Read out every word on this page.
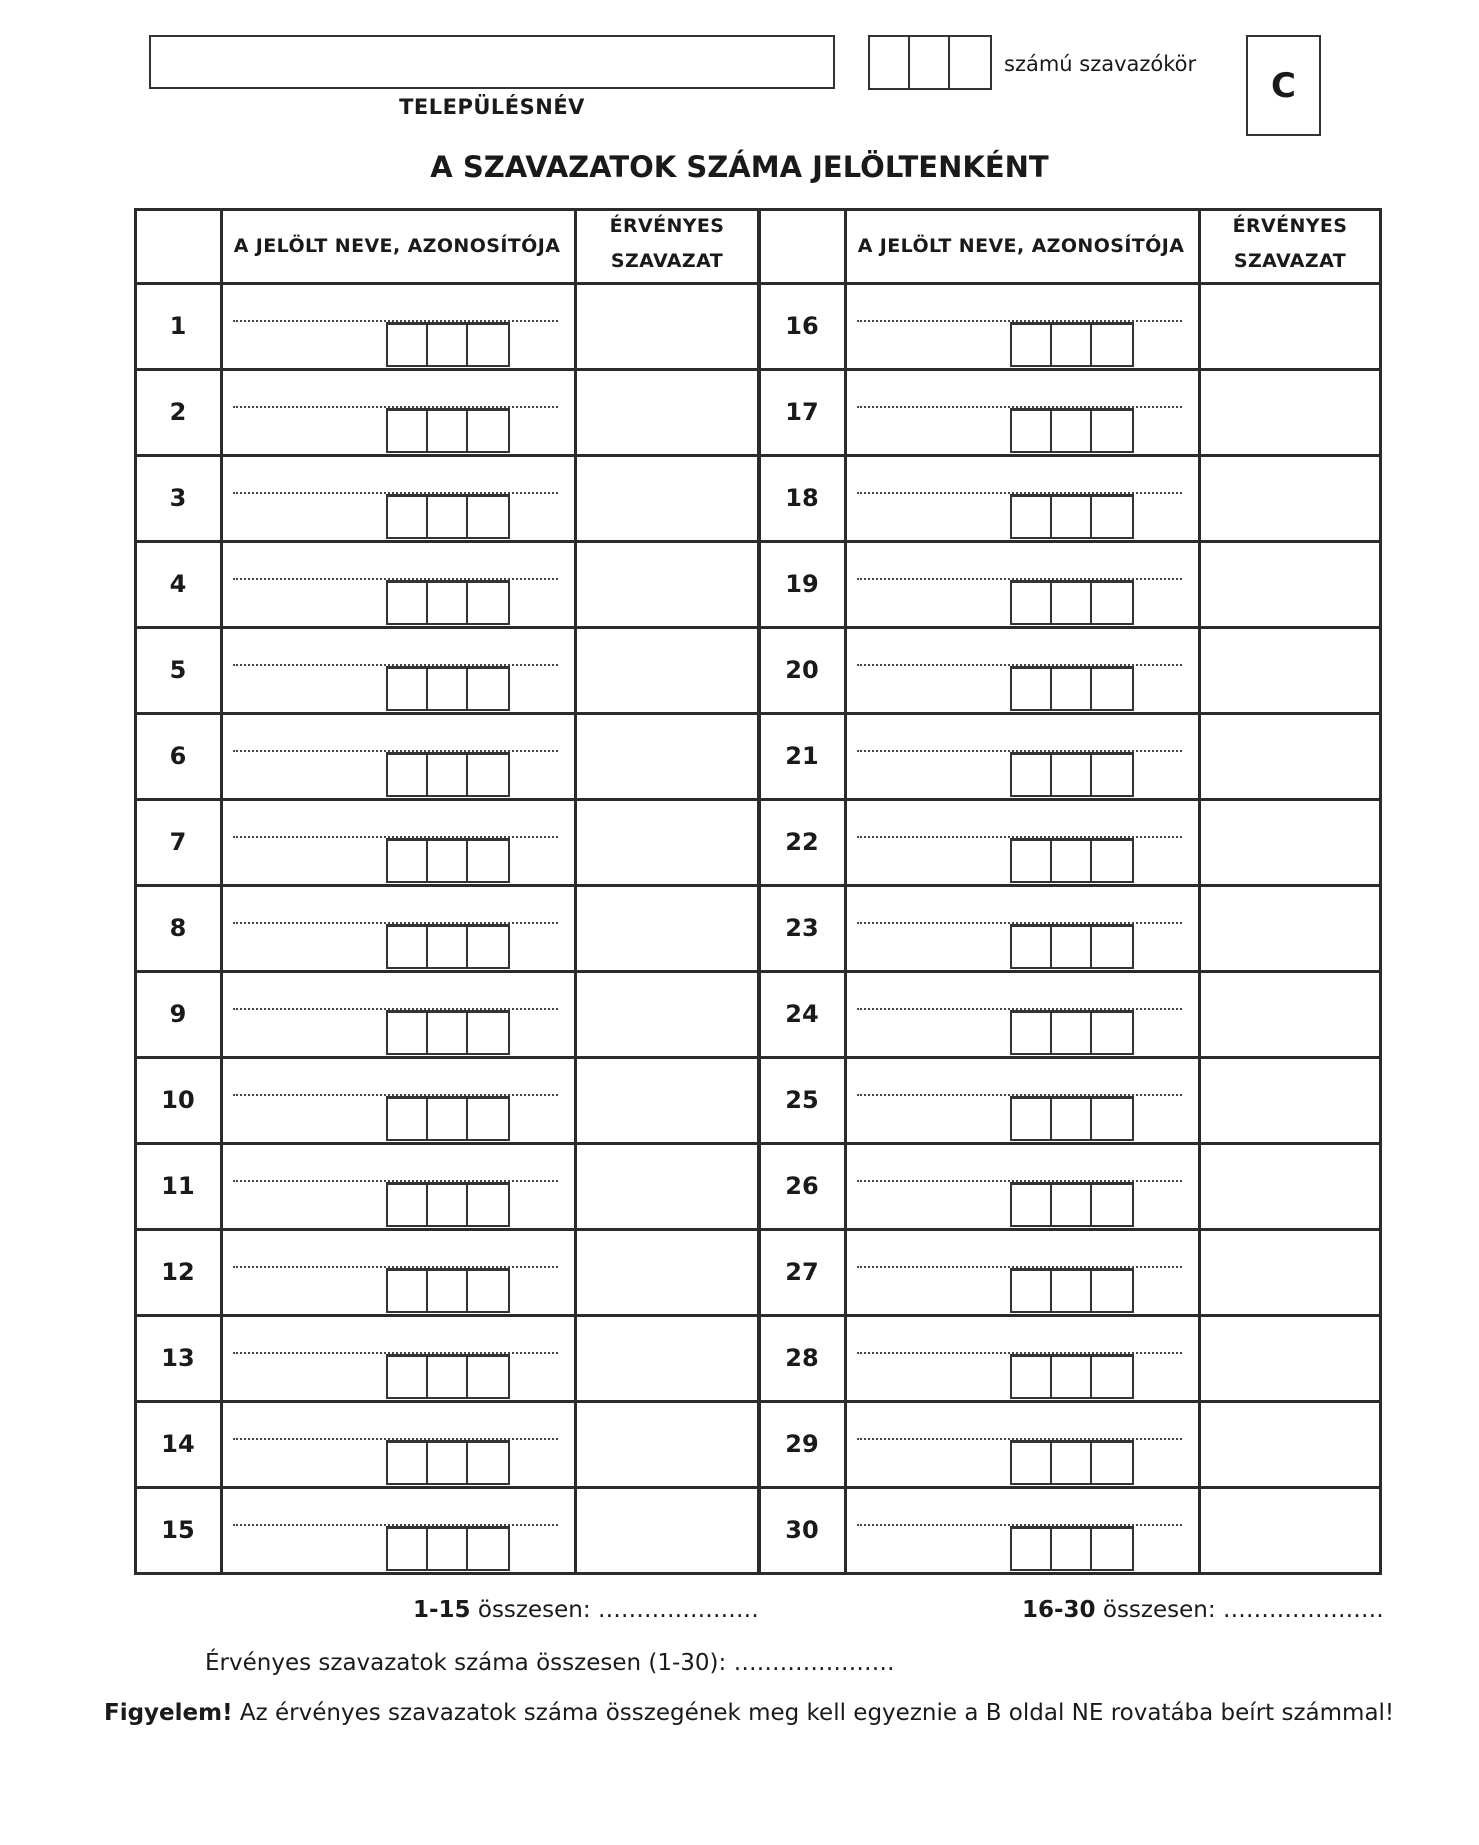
TELEPÜLÉSNÉV
számú szavazókör
C
A SZAVAZATOK SZÁMA JELÖLTENKÉNT
A JELÖLT NEVE, AZONOSÍTÓJA
ÉRVÉNYES
SZAVAZAT
A JELÖLT NEVE, AZONOSÍTÓJA
ÉRVÉNYES
SZAVAZAT
1
2
3
4
5
6
7
8
9
10
11
12
13
14
15
16
17
18
19
20
21
22
23
24
25
26
27
28
29
30
1-15 összesen: …………………	16-30 összesen: …………………
Érvényes szavazatok száma összesen (1-30): …………………
Figyelem! Az érvényes szavazatok száma összegének meg kell egyeznie a B oldal NE rovatába beírt számmal!
